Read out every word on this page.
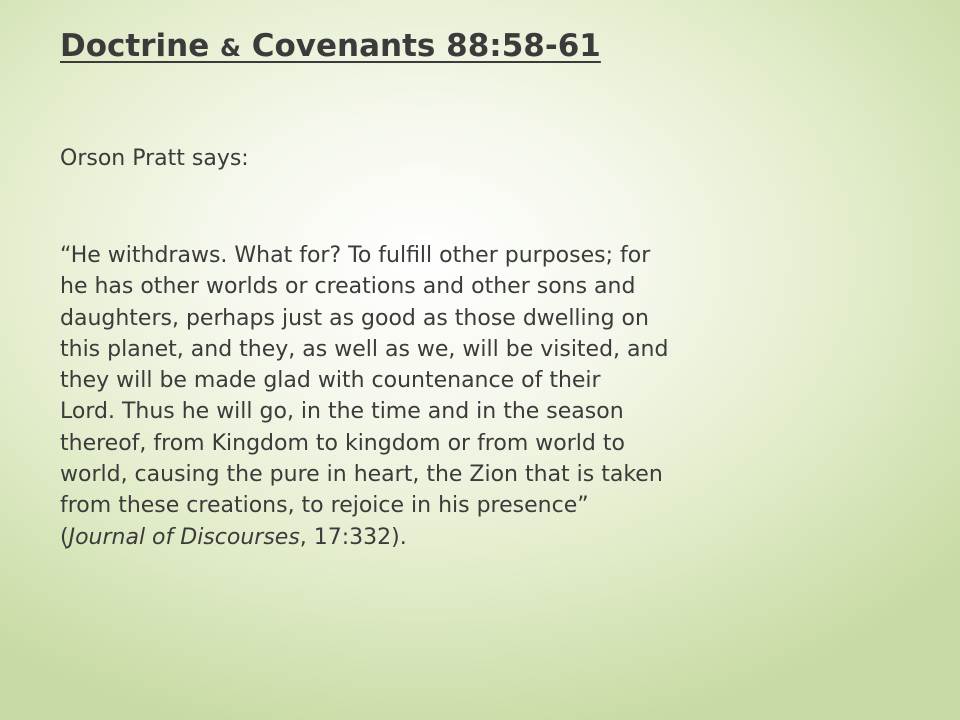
Doctrine & Covenants 88:58-61

Orson Pratt says:

“He withdraws. What for? To fulfill other purposes; for
he has other worlds or creations and other sons and
daughters, perhaps just as good as those dwelling on
this planet, and they, as well as we, will be visited, and
they will be made glad with countenance of their
Lord. Thus he will go, in the time and in the season
thereof, from Kingdom to kingdom or from world to
world, causing the pure in heart, the Zion that is taken
from these creations, to rejoice in his presence”
(Journal of Discourses, 17:332).
